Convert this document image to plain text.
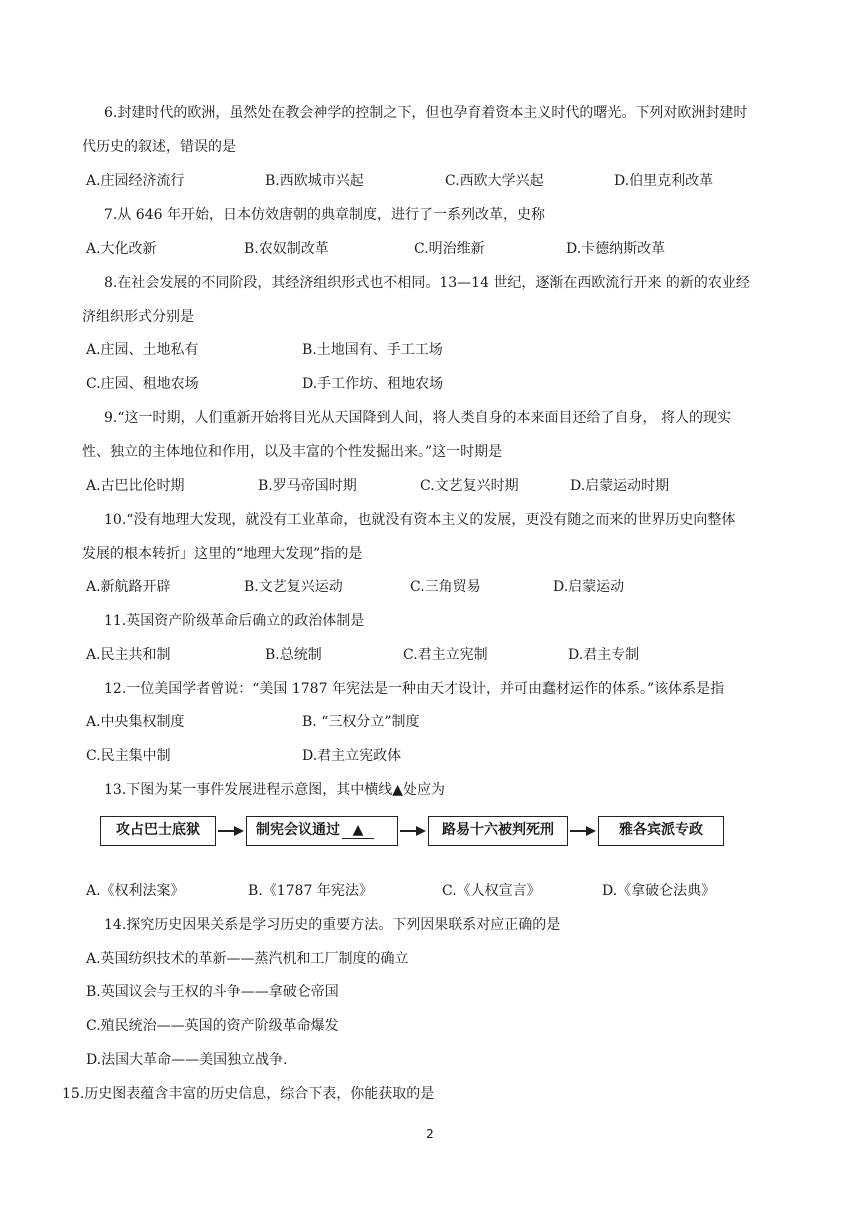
6.封建时代的欧洲，虽然处在教会神学的控制之下，但也孕育着资本主义时代的曙光。下列对欧洲封建时
代历史的叙述，错误的是
A.庄园经济流行	B.西欧城市兴起	C.西欧大学兴起	D.伯里克利改革
7.从 646 年开始，日本仿效唐朝的典章制度，进行了一系列改革，史称
A.大化改新	B.农奴制改革	C.明治维新	D.卡德纳斯改革
8.在社会发展的不同阶段，其经济组织形式也不相同。13—14 世纪，逐渐在西欧流行开来 的新的农业经
济组织形式分别是
A.庄园、土地私有	B.土地国有、手工工场
C.庄园、租地农场	D.手工作坊、租地农场
9.“这一时期，人们重新开始将目光从天国降到人间，将人类自身的本来面目还给了自身， 将人的现实
性、独立的主体地位和作用，以及丰富的个性发掘出来。”这一时期是
A.古巴比伦时期	B.罗马帝国时期	C.文艺复兴时期	D.启蒙运动时期
10.“没有地理大发现，就没有工业革命，也就没有资本主义的发展，更没有随之而来的世界历史向整体
发展的根本转折」这里的“地理大发现”指的是
A.新航路开辟	B.文艺复兴运动	C.三角贸易	D.启蒙运动
11.英国资产阶级革命后确立的政治体制是
A.民主共和制	B.总统制	C.君主立宪制	D.君主专制
12.一位美国学者曾说：“美国 1787 年宪法是一种由天才设计，并可由蠢材运作的体系。”该体系是指
A.中央集权制度	B. “三权分立”制度
C.民主集中制	D.君主立宪政体
13.下图为某一事件发展进程示意图，其中横线▲处应为
攻占巴士底狱	制宪会议通过 ▲	路易十六被判死刑	雅各宾派专政
A.《权利法案》	B.《1787 年宪法》	C.《人权宣言》	D.《拿破仑法典》
14.探究历史因果关系是学习历史的重要方法。下列因果联系对应正确的是
A.英国纺织技术的革新——蒸汽机和工厂制度的确立
B.英国议会与王权的斗争——拿破仑帝国
C.殖民统治——英国的资产阶级革命爆发
D.法国大革命——美国独立战争.
15.历史图表蕴含丰富的历史信息，综合下表，你能获取的是
2
